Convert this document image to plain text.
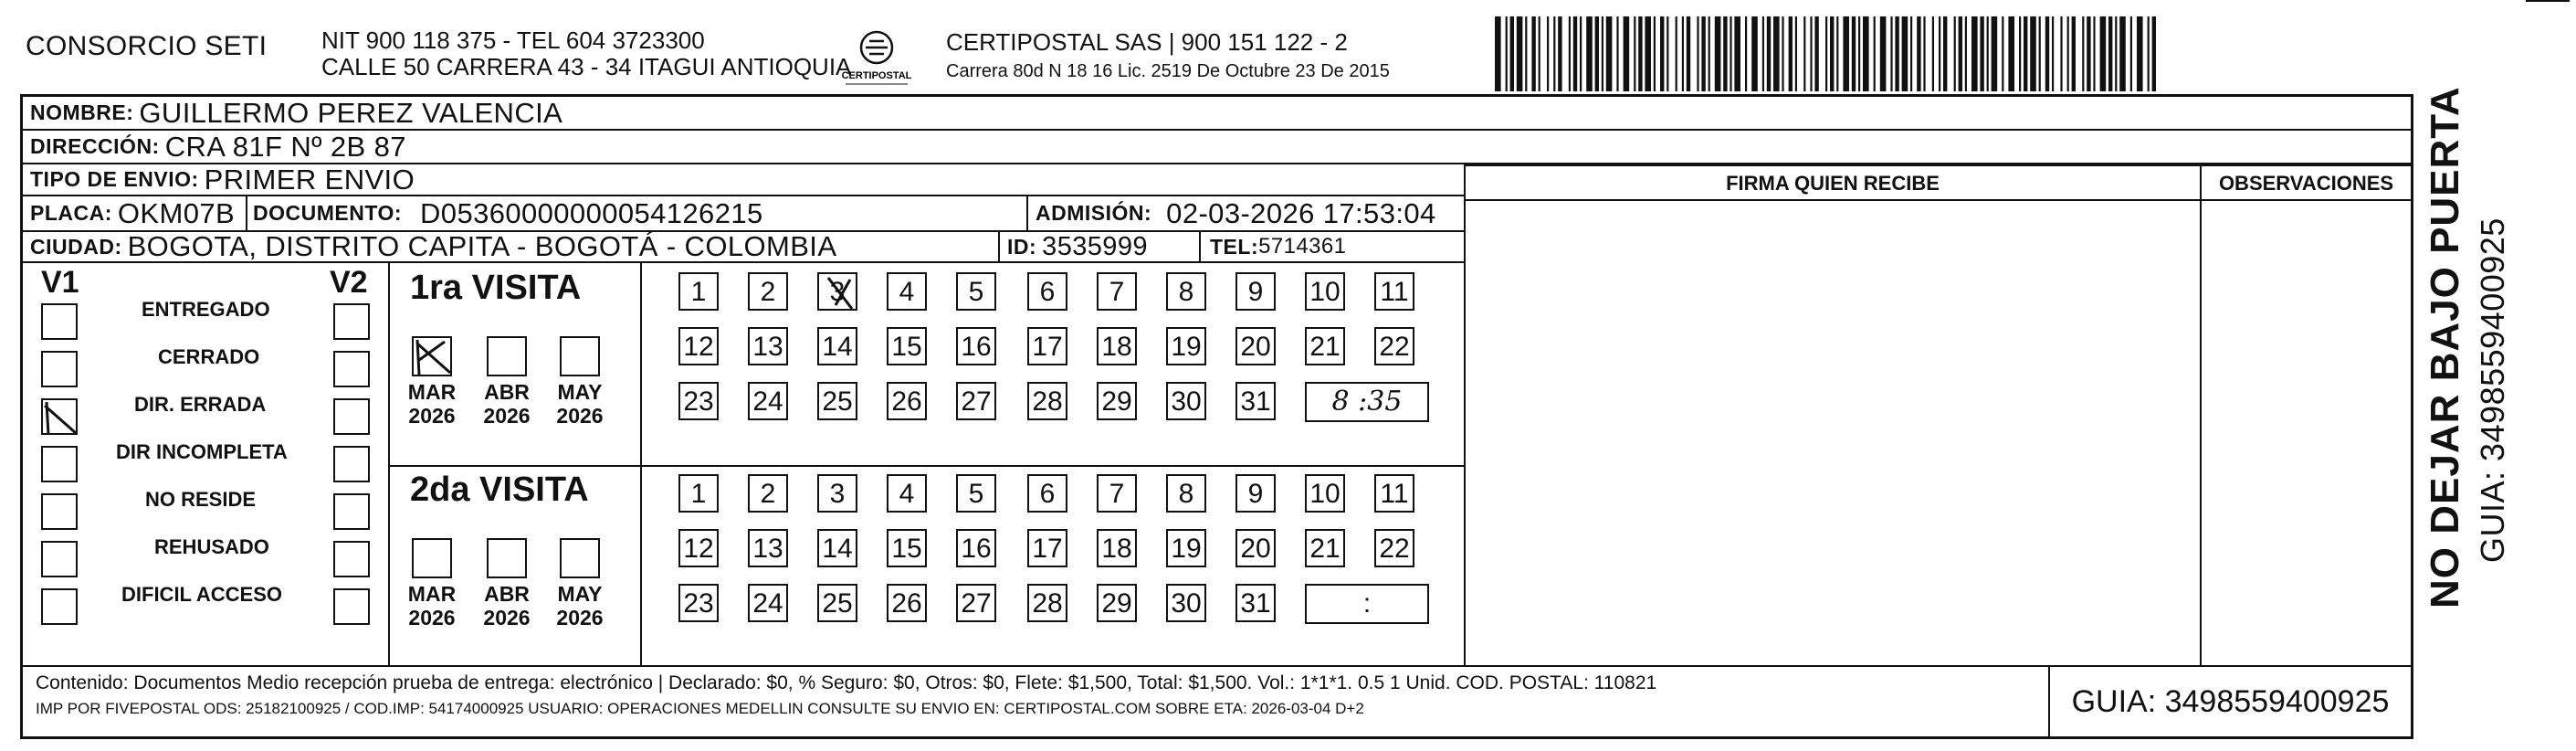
CONSORCIO SETI NIT 900 118 375 - TEL 604 3723300
CALLE 50 CARRERA 43 - 34 ITAGUI ANTIOQUIA
CERTIPOSTAL
CERTIPOSTAL SAS | 900 151 122 - 2
Carrera 80d N 18 16 Lic. 2519 De Octubre 23 De 2015
NOMBRE: GUILLERMO PEREZ VALENCIA
DIRECCIÓN: CRA 81F Nº 2B 87
TIPO DE ENVIO: PRIMER ENVIO
PLACA: OKM07B DOCUMENTO: D05360000000054126215	ADMISIÓN: 02-03-2026 17:53:04
CIUDAD: BOGOTA, DISTRITO CAPITA - BOGOTÁ - COLOMBIA	ID: 3535999	TEL: 5714361
FIRMA QUIEN RECIBE	OBSERVACIONES
V1	V2
ENTREGADO
CERRADO
DIR. ERRADA
DIR INCOMPLETA
NO RESIDE
REHUSADO
DIFICIL ACCESO
1ra VISITA
MAR
2026
ABR
2026
MAY
2026
1	2	3	4	5	6	7	8	9	10 11
12 13 14 15 16 17 18 19 20 21 22
23 24 25 26 27 28 29 30 31	8 :35
2da VISITA
MAR
2026
ABR
2026
MAY
2026
1	2	3	4	5	6	7	8	9	10 11
12 13 14 15 16 17 18 19 20 21 22
23 24 25 26 27 28 29 30 31	:
Contenido: Documentos Medio recepción prueba de entrega: electrónico | Declarado: $0, % Seguro: $0, Otros: $0, Flete: $1,500, Total: $1,500. Vol.: 1*1*1. 0.5 1 Unid. COD. POSTAL: 110821
IMP POR FIVEPOSTAL ODS: 25182100925 / COD.IMP: 54174000925 USUARIO: OPERACIONES MEDELLIN CONSULTE SU ENVIO EN: CERTIPOSTAL.COM SOBRE ETA: 2026-03-04 D+2	GUIA: 3498559400925
NO DEJAR BAJO PUERTA GUIA: 3498559400925
